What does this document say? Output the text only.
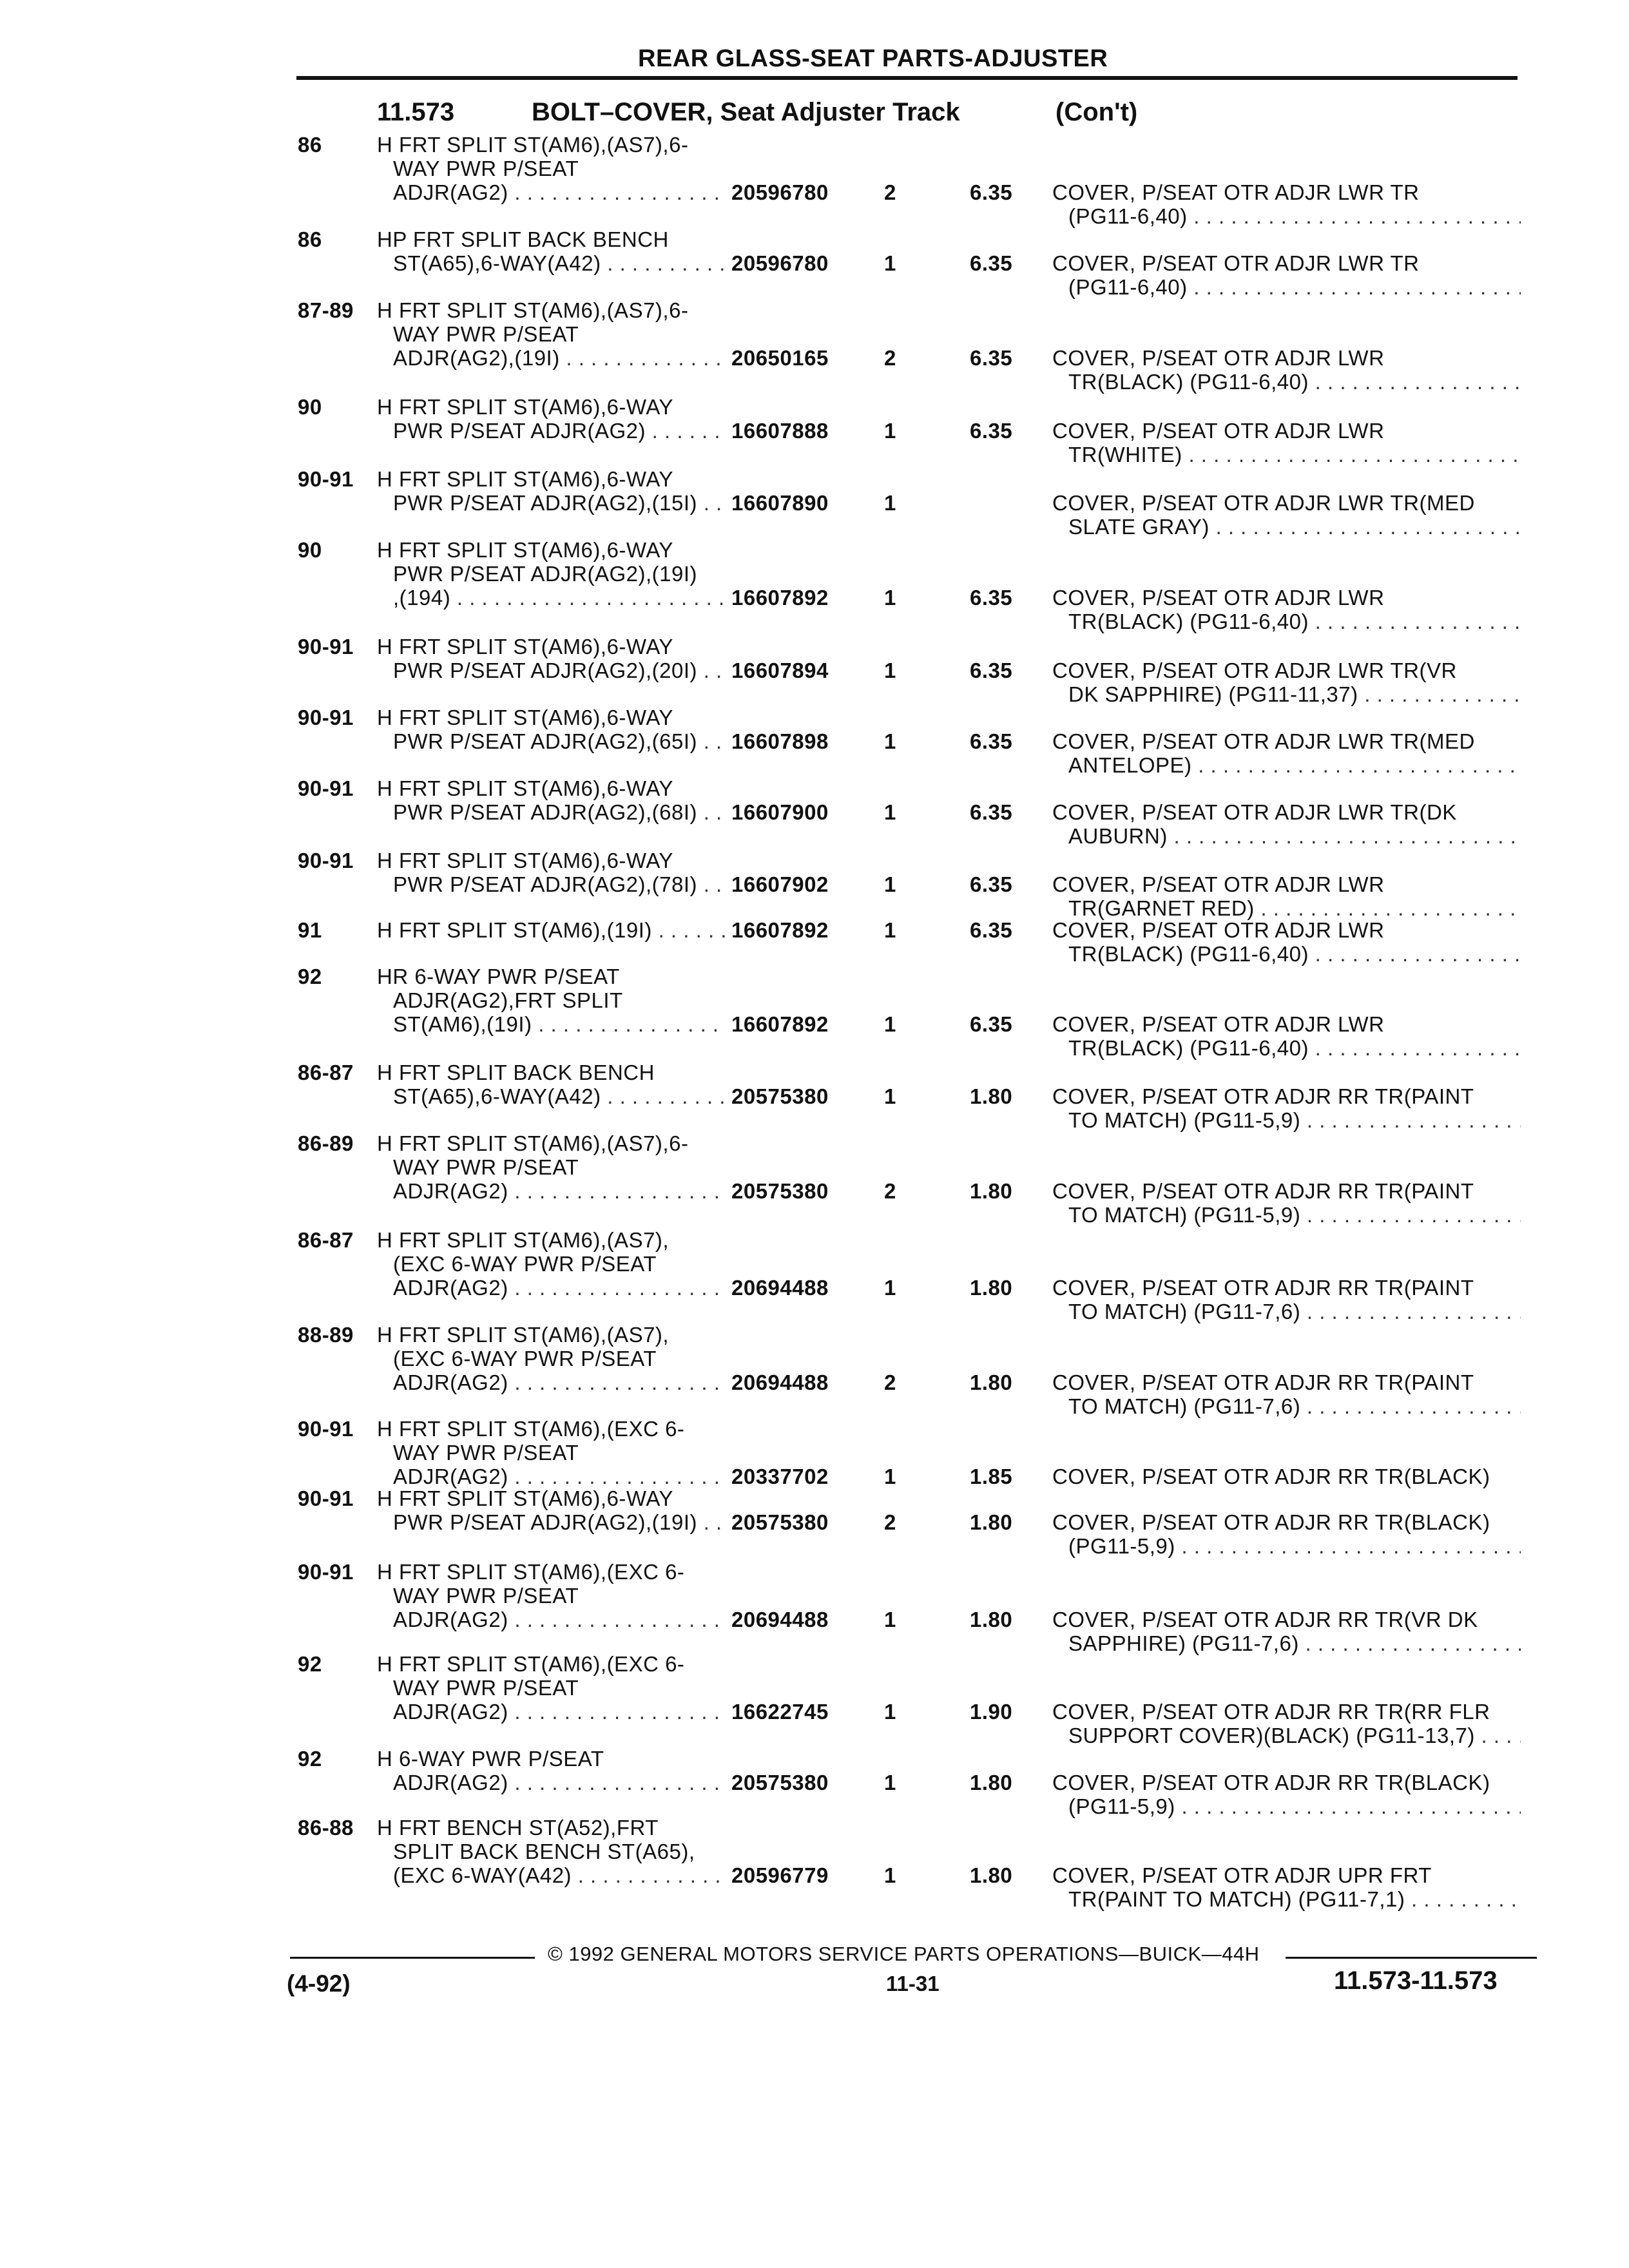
REAR GLASS-SEAT PARTS-ADJUSTER
11.573	BOLT–COVER, Seat Adjuster Track	(Con't)
86	H FRT SPLIT ST(AM6),(AS7),6-
WAY PWR P/SEAT
ADJR(AG2) . . .	20596780	2	6.35 COVER, P/SEAT OTR ADJR LWR TR
(PG11-6,40) . . .
86	HP FRT SPLIT BACK BENCH
ST(A65),6-WAY(A42) . . .	20596780	1	6.35 COVER, P/SEAT OTR ADJR LWR TR
(PG11-6,40) . . .
87-89 H FRT SPLIT ST(AM6),(AS7),6-
WAY PWR P/SEAT
ADJR(AG2),(19I) . . .	20650165	2	6.35 COVER, P/SEAT OTR ADJR LWR
TR(BLACK) (PG11-6,40) . . .
90	H FRT SPLIT ST(AM6),6-WAY
PWR P/SEAT ADJR(AG2) . . .	16607888	1	6.35 COVER, P/SEAT OTR ADJR LWR
TR(WHITE) . . .
90-91 H FRT SPLIT ST(AM6),6-WAY
PWR P/SEAT ADJR(AG2),(15I) . . .	16607890	1	COVER, P/SEAT OTR ADJR LWR TR(MED
SLATE GRAY) . . .
90	H FRT SPLIT ST(AM6),6-WAY
PWR P/SEAT ADJR(AG2),(19I)
,(194) . . .	16607892	1	6.35 COVER, P/SEAT OTR ADJR LWR
TR(BLACK) (PG11-6,40) . . .
90-91 H FRT SPLIT ST(AM6),6-WAY
PWR P/SEAT ADJR(AG2),(20I) . . .	16607894	1	6.35 COVER, P/SEAT OTR ADJR LWR TR(VR
DK SAPPHIRE) (PG11-11,37) . . .
90-91 H FRT SPLIT ST(AM6),6-WAY
PWR P/SEAT ADJR(AG2),(65I) . . .	16607898	1	6.35 COVER, P/SEAT OTR ADJR LWR TR(MED
ANTELOPE) . . .
90-91 H FRT SPLIT ST(AM6),6-WAY
PWR P/SEAT ADJR(AG2),(68I) . . .	16607900	1	6.35 COVER, P/SEAT OTR ADJR LWR TR(DK
AUBURN) . . .
90-91 H FRT SPLIT ST(AM6),6-WAY
PWR P/SEAT ADJR(AG2),(78I) . . .	16607902	1	6.35 COVER, P/SEAT OTR ADJR LWR
TR(GARNET RED) . . .
91	H FRT SPLIT ST(AM6),(19I) . . .	16607892	1	6.35 COVER, P/SEAT OTR ADJR LWR
TR(BLACK) (PG11-6,40) . . .
92	HR 6-WAY PWR P/SEAT
ADJR(AG2),FRT SPLIT
ST(AM6),(19I) . . .	16607892	1	6.35 COVER, P/SEAT OTR ADJR LWR
TR(BLACK) (PG11-6,40) . . .
86-87 H FRT SPLIT BACK BENCH
ST(A65),6-WAY(A42) . . .	20575380	1	1.80 COVER, P/SEAT OTR ADJR RR TR(PAINT
TO MATCH) (PG11-5,9) . . .
86-89 H FRT SPLIT ST(AM6),(AS7),6-
WAY PWR P/SEAT
ADJR(AG2) . . .	20575380	2	1.80 COVER, P/SEAT OTR ADJR RR TR(PAINT
TO MATCH) (PG11-5,9) . . .
86-87 H FRT SPLIT ST(AM6),(AS7),
(EXC 6-WAY PWR P/SEAT
ADJR(AG2) . . .	20694488	1	1.80 COVER, P/SEAT OTR ADJR RR TR(PAINT
TO MATCH) (PG11-7,6) . . .
88-89 H FRT SPLIT ST(AM6),(AS7),
(EXC 6-WAY PWR P/SEAT
ADJR(AG2) . . .	20694488	2	1.80 COVER, P/SEAT OTR ADJR RR TR(PAINT
TO MATCH) (PG11-7,6) . . .
90-91 H FRT SPLIT ST(AM6),(EXC 6-
WAY PWR P/SEAT
ADJR(AG2) . . .	20337702	1	1.85 COVER, P/SEAT OTR ADJR RR TR(BLACK)
90-91 H FRT SPLIT ST(AM6),6-WAY
PWR P/SEAT ADJR(AG2),(19I) . . .	20575380	2	1.80 COVER, P/SEAT OTR ADJR RR TR(BLACK)
(PG11-5,9) . . .
90-91 H FRT SPLIT ST(AM6),(EXC 6-
WAY PWR P/SEAT
ADJR(AG2) . . .	20694488	1	1.80 COVER, P/SEAT OTR ADJR RR TR(VR DK
SAPPHIRE) (PG11-7,6) . . .
92	H FRT SPLIT ST(AM6),(EXC 6-
WAY PWR P/SEAT
ADJR(AG2) . . .	16622745	1	1.90 COVER, P/SEAT OTR ADJR RR TR(RR FLR
SUPPORT COVER)(BLACK) (PG11-13,7) . . .
92	H 6-WAY PWR P/SEAT
ADJR(AG2) . . .	20575380	1	1.80 COVER, P/SEAT OTR ADJR RR TR(BLACK)
(PG11-5,9) . . .
86-88 H FRT BENCH ST(A52),FRT
SPLIT BACK BENCH ST(A65),
(EXC 6-WAY(A42) . . .	20596779	1	1.80 COVER, P/SEAT OTR ADJR UPR FRT
TR(PAINT TO MATCH) (PG11-7,1) . . .
© 1992 GENERAL MOTORS SERVICE PARTS OPERATIONS—BUICK—44H
(4-92)	11-31	11.573-11.573
